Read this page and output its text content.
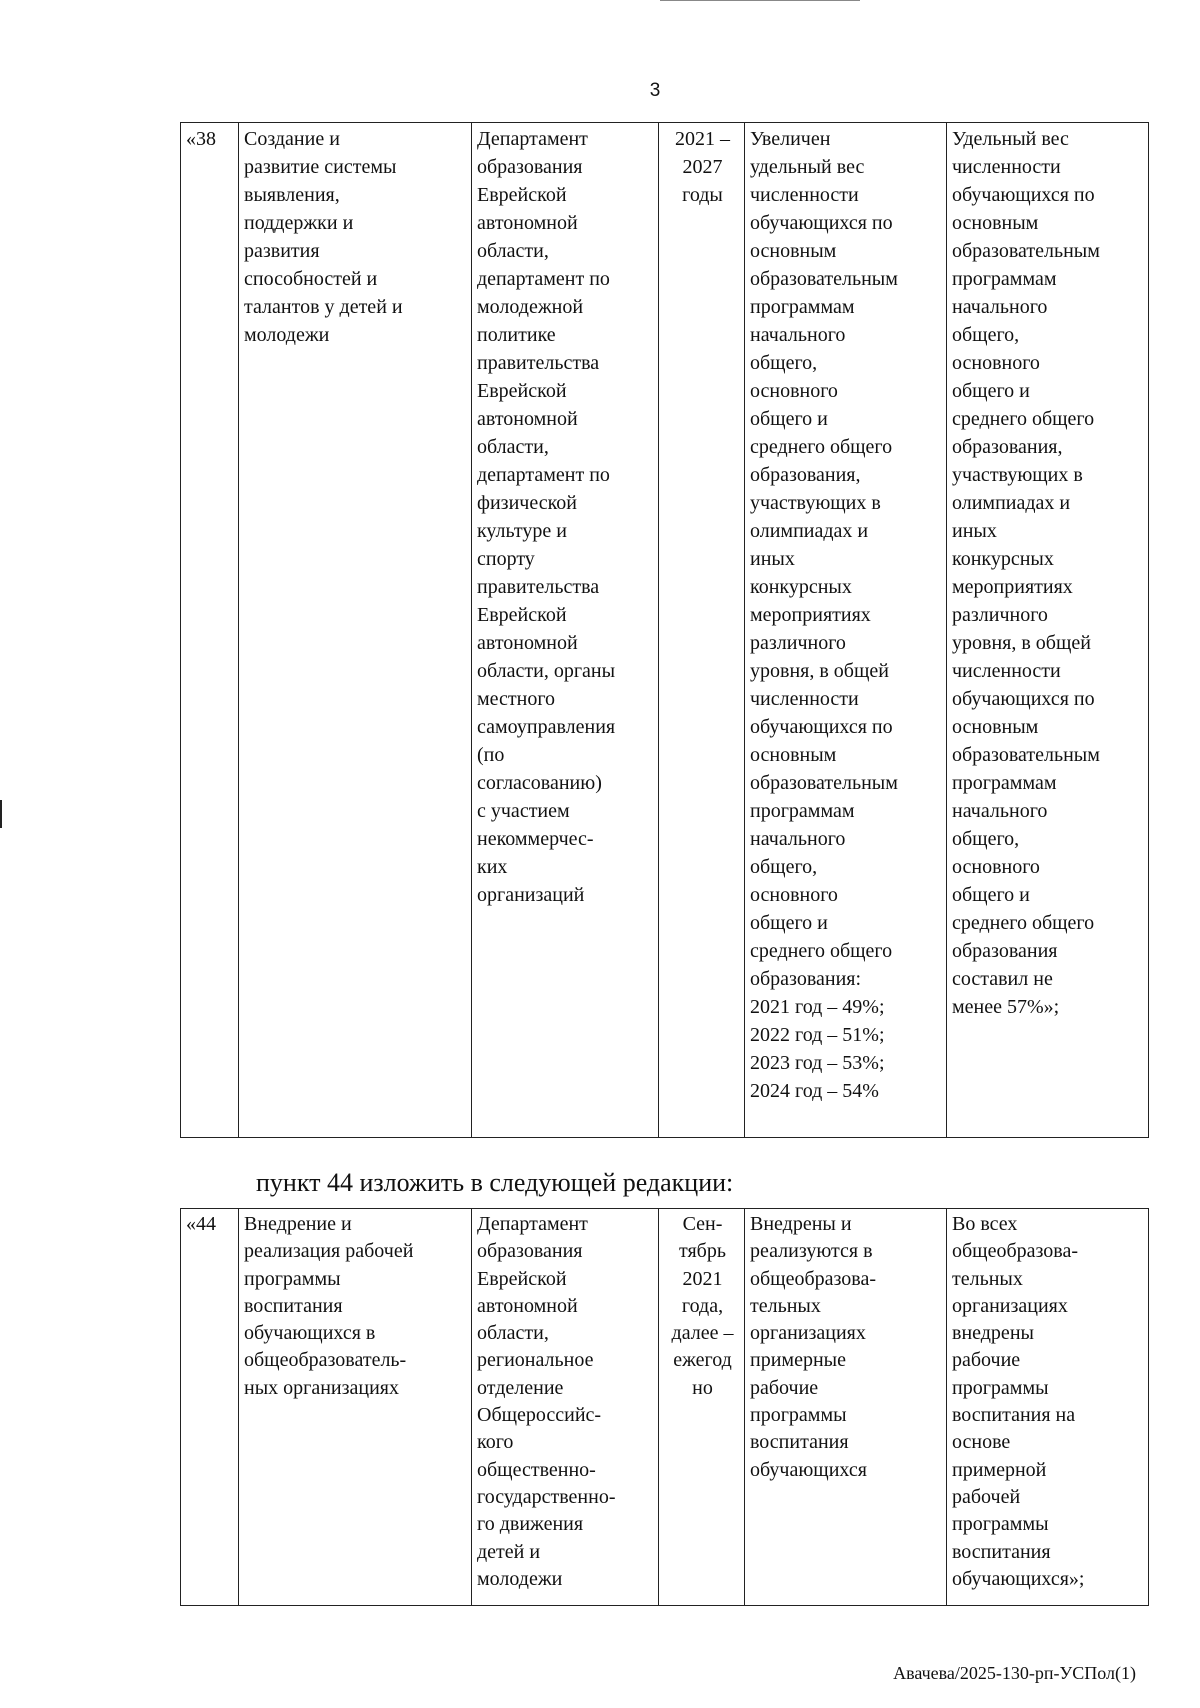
3
«38	Создание и
развитие системы
выявления,
поддержки и
развития
способностей и
талантов у детей и
молодежи	Департамент
образования
Еврейской
автономной
области,
департамент по
молодежной
политике
правительства
Еврейской
автономной
области,
департамент по
физической
культуре и
спорту
правительства
Еврейской
автономной
области, органы
местного
самоуправления
(по
согласованию)
с участием
некоммерчес-
ких
организаций	2021 –
2027
годы	Увеличен
удельный вес
численности
обучающихся по
основным
образовательным
программам
начального
общего,
основного
общего и
среднего общего
образования,
участвующих в
олимпиадах и
иных
конкурсных
мероприятиях
различного
уровня, в общей
численности
обучающихся по
основным
образовательным
программам
начального
общего,
основного
общего и
среднего общего
образования:
2021 год – 49%;
2022 год – 51%;
2023 год – 53%;
2024 год – 54%	Удельный вес
численности
обучающихся по
основным
образовательным
программам
начального
общего,
основного
общего и
среднего общего
образования,
участвующих в
олимпиадах и
иных
конкурсных
мероприятиях
различного
уровня, в общей
численности
обучающихся по
основным
образовательным
программам
начального
общего,
основного
общего и
среднего общего
образования
составил не
менее 57%»;
пункт 44 изложить в следующей редакции:
«44	Внедрение и
реализация рабочей
программы
воспитания
обучающихся в
общеобразователь-
ных организациях	Департамент
образования
Еврейской
автономной
области,
региональное
отделение
Общероссийс-
кого
общественно-
государственно-
го движения
детей и
молодежи	Сен-
тябрь
2021
года,
далее –
ежегод
но	Внедрены и
реализуются в
общеобразова-
тельных
организациях
примерные
рабочие
программы
воспитания
обучающихся	Во всех
общеобразова-
тельных
организациях
внедрены
рабочие
программы
воспитания на
основе
примерной
рабочей
программы
воспитания
обучающихся»;
Авачева/2025-130-рп-УСПол(1)
